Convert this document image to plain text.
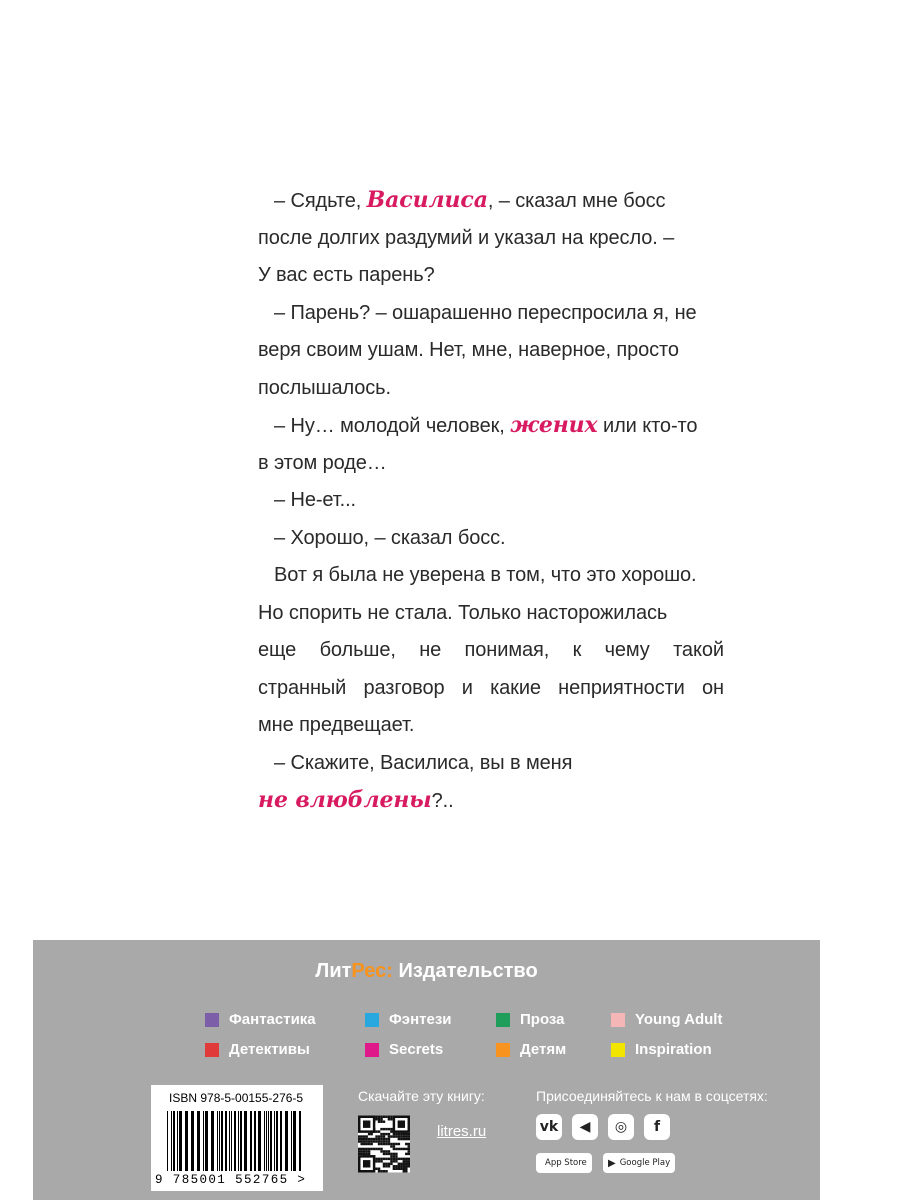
– Сядьте, Василиса, – сказал мне босс
после долгих раздумий и указал на кресло. –
У вас есть парень?
– Парень? – ошарашенно переспросила я, не
веря своим ушам. Нет, мне, наверное, просто
послышалось.
– Ну… молодой человек, жених или кто-то
в этом роде…
– Не-ет...
– Хорошо, – сказал босс.
Вот я была не уверена в том, что это хорошо.
Но спорить не стала. Только насторожилась
еще больше, не понимая, к чему такой
странный разговор и какие неприятности он
мне предвещает.
– Скажите, Василиса, вы в меня
не влюблены?..
ЛитРес: Издательство
Фантастика	Фэнтези	Проза	Young Adult
Детективы	Secrets	Детям	Inspiration
ISBN 978-5-00155-276-5
9 785001 552765 >
Скачайте эту книгу:
litres.ru
Присоединяйтесь к нам в соцсетях:
vk	◀	◎	f
App Store ▶ Google Play
